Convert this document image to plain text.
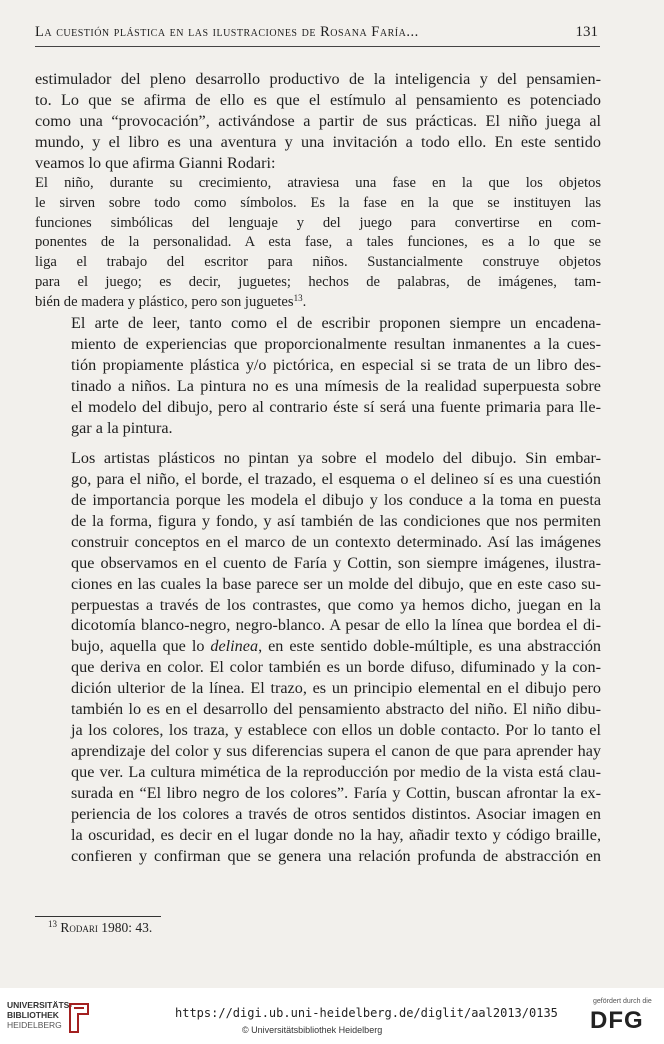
La cuestión plástica en las ilustraciones de Rosana Faría...	131

estimulador del pleno desarrollo productivo de la inteligencia y del pensamien-
to. Lo que se afirma de ello es que el estímulo al pensamiento es potenciado
como una “provocación”, activándose a partir de sus prácticas. El niño juega al
mundo, y el libro es una aventura y una invitación a todo ello. En este sentido
veamos lo que afirma Gianni Rodari:

El niño, durante su crecimiento, atraviesa una fase en la que los objetos
le sirven sobre todo como símbolos. Es la fase en la que se instituyen las
funciones simbólicas del lenguaje y del juego para convertirse en com-
ponentes de la personalidad. A esta fase, a tales funciones, es a lo que se
liga el trabajo del escritor para niños. Sustancialmente construye objetos
para el juego; es decir, juguetes; hechos de palabras, de imágenes, tam-
bién de madera y plástico, pero son juguetes$^{13}$.

El arte de leer, tanto como el de escribir proponen siempre un encadena-
miento de experiencias que proporcionalmente resultan inmanentes a la cues-
tión propiamente plástica y/o pictórica, en especial si se trata de un libro des-
tinado a niños. La pintura no es una mímesis de la realidad superpuesta sobre
el modelo del dibujo, pero al contrario éste sí será una fuente primaria para lle-
gar a la pintura.

Los artistas plásticos no pintan ya sobre el modelo del dibujo. Sin embar-
go, para el niño, el borde, el trazado, el esquema o el delineo sí es una cuestión
de importancia porque les modela el dibujo y los conduce a la toma en puesta
de la forma, figura y fondo, y así también de las condiciones que nos permiten
construir conceptos en el marco de un contexto determinado. Así las imágenes
que observamos en el cuento de Faría y Cottin, son siempre imágenes, ilustra-
ciones en las cuales la base parece ser un molde del dibujo, que en este caso su-
perpuestas a través de los contrastes, que como ya hemos dicho, juegan en la
dicotomía blanco-negro, negro-blanco. A pesar de ello la línea que bordea el di-
bujo, aquella que lo delinea, en este sentido doble-múltiple, es una abstracción
que deriva en color. El color también es un borde difuso, difuminado y la con-
dición ulterior de la línea. El trazo, es un principio elemental en el dibujo pero
también lo es en el desarrollo del pensamiento abstracto del niño. El niño dibu-
ja los colores, los traza, y establece con ellos un doble contacto. Por lo tanto el
aprendizaje del color y sus diferencias supera el canon de que para aprender hay
que ver. La cultura mimética de la reproducción por medio de la vista está clau-
surada en “El libro negro de los colores”. Faría y Cottin, buscan afrontar la ex-
periencia de los colores a través de otros sentidos distintos. Asociar imagen en
la oscuridad, es decir en el lugar donde no la hay, añadir texto y código braille,
confieren y confirman que se genera una relación profunda de abstracción en

$^{13}$ Rodari 1980: 43.
UNIVERSITÄTS-
BIBLIOTHEK
HEIDELBERG
https://digi.ub.uni-heidelberg.de/diglit/aal2013/0135
© Universitätsbibliothek Heidelberg
gefördert durch die
DFG
